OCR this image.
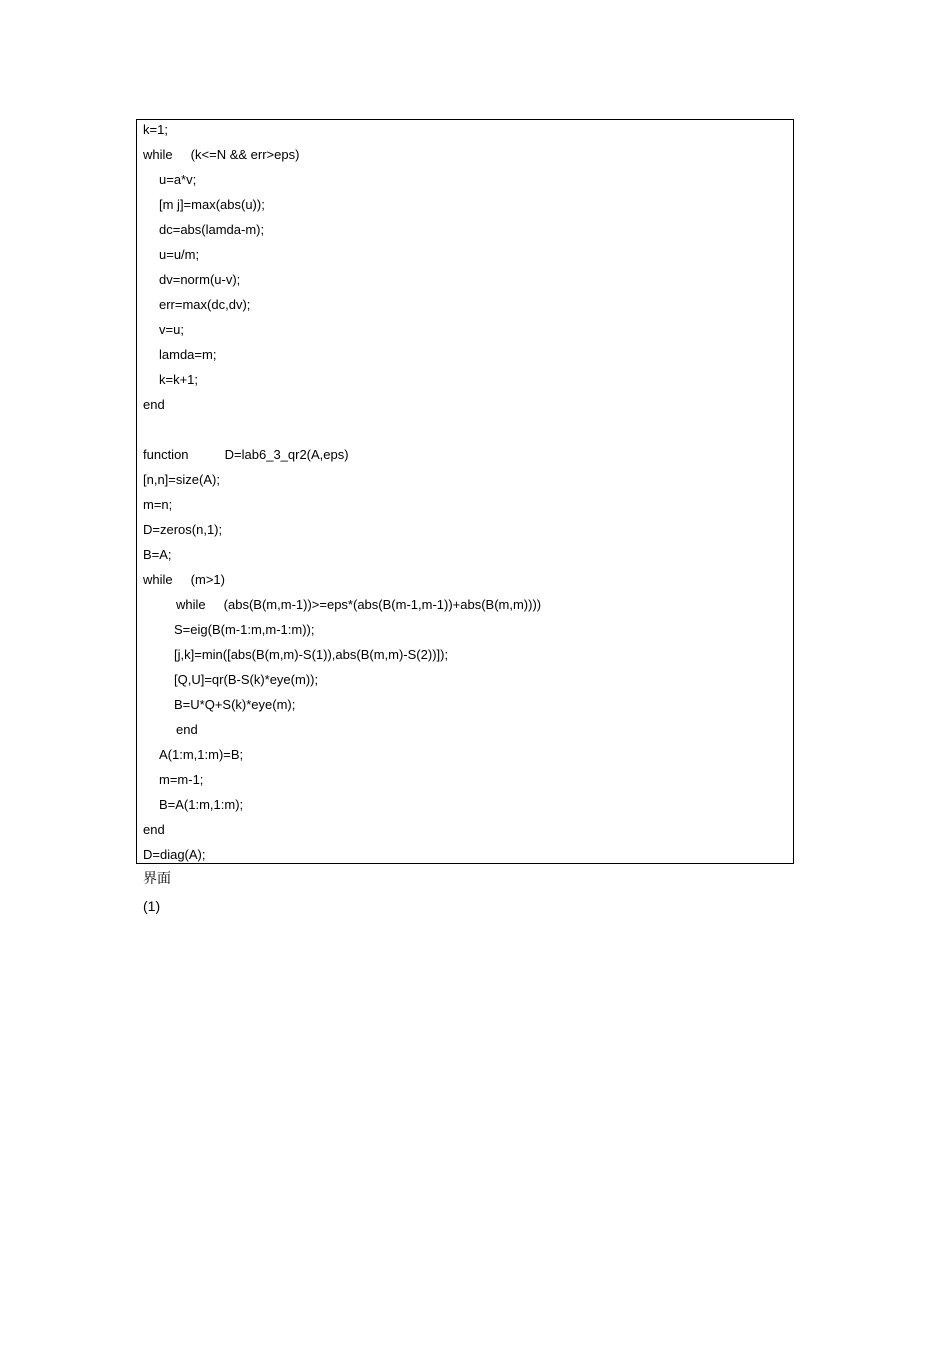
k=1;
while     (k<=N && err>eps)
u=a*v;
[m j]=max(abs(u));
dc=abs(lamda-m);
u=u/m;
dv=norm(u-v);
err=max(dc,dv);
v=u;
lamda=m;
k=k+1;
end
function          D=lab6_3_qr2(A,eps)
[n,n]=size(A);
m=n;
D=zeros(n,1);
B=A;
while     (m>1)
while     (abs(B(m,m-1))>=eps*(abs(B(m-1,m-1))+abs(B(m,m))))
S=eig(B(m-1:m,m-1:m));
[j,k]=min([abs(B(m,m)-S(1)),abs(B(m,m)-S(2))]);
[Q,U]=qr(B-S(k)*eye(m));
B=U*Q+S(k)*eye(m);
end
A(1:m,1:m)=B;
m=m-1;
B=A(1:m,1:m);
end
D=diag(A);
界面
(1)
